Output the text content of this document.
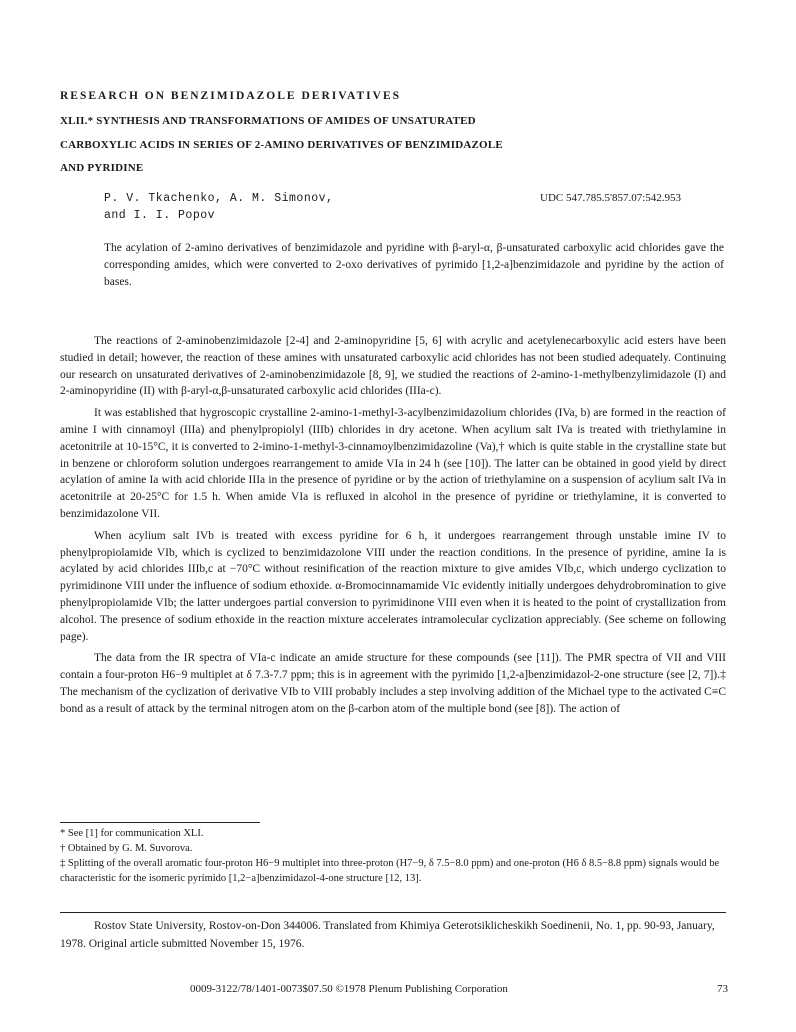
RESEARCH ON BENZIMIDAZOLE DERIVATIVES
XLII.* SYNTHESIS AND TRANSFORMATIONS OF AMIDES OF UNSATURATED
CARBOXYLIC ACIDS IN SERIES OF 2-AMINO DERIVATIVES OF BENZIMIDAZOLE
AND PYRIDINE
P. V. Tkachenko, A. M. Simonov,
and I. I. Popov
UDC 547.785.5'857.07:542.953
The acylation of 2-amino derivatives of benzimidazole and pyridine with β-aryl-α, β-unsaturated carboxylic acid chlorides gave the corresponding amides, which were converted to 2-oxo derivatives of pyrimido [1,2-a]benzimidazole and pyridine by the action of bases.

The reactions of 2-aminobenzimidazole [2-4] and 2-aminopyridine [5, 6] with acrylic and acetylenecarboxylic acid esters have been studied in detail; however, the reaction of these amines with unsaturated carboxylic acid chlorides has not been studied adequately. Continuing our research on unsaturated derivatives of 2-aminobenzimidazole [8, 9], we studied the reactions of 2-amino-1-methylbenzylimidazole (I) and 2-aminopyridine (II) with β-aryl-α,β-unsaturated carboxylic acid chlorides (IIIa-c).

It was established that hygroscopic crystalline 2-amino-1-methyl-3-acylbenzimidazolium chlorides (IVa, b) are formed in the reaction of amine I with cinnamoyl (IIIa) and phenylpropiolyl (IIIb) chlorides in dry acetone. When acylium salt IVa is treated with triethylamine in acetonitrile at 10-15°C, it is converted to 2-imino-1-methyl-3-cinnamoylbenzimidazoline (Va),† which is quite stable in the crystalline state but in benzene or chloroform solution undergoes rearrangement to amide VIa in 24 h (see [10]). The latter can be obtained in good yield by direct acylation of amine Ia with acid chloride IIIa in the presence of pyridine or by the action of triethylamine on a suspension of acylium salt IVa in acetonitrile at 20-25°C for 1.5 h. When amide VIa is refluxed in alcohol in the presence of pyridine or triethylamine, it is converted to benzimidazolone VII.

When acylium salt IVb is treated with excess pyridine for 6 h, it undergoes rearrangement through unstable imine IV to phenylpropiolamide VIb, which is cyclized to benzimidazolone VIII under the reaction conditions. In the presence of pyridine, amine Ia is acylated by acid chlorides IIIb,c at −70°C without resinification of the reaction mixture to give amides VIb,c, which undergo cyclization to pyrimidinone VIII under the influence of sodium ethoxide. α-Bromocinnamamide VIc evidently initially undergoes dehydrobromination to give phenylpropiolamide VIb; the latter undergoes partial conversion to pyrimidinone VIII even when it is heated to the point of crystallization from alcohol. The presence of sodium ethoxide in the reaction mixture accelerates intramolecular cyclization appreciably. (See scheme on following page).

The data from the IR spectra of VIa-c indicate an amide structure for these compounds (see [11]). The PMR spectra of VII and VIII contain a four-proton H6−9 multiplet at δ 7.3-7.7 ppm; this is in agreement with the pyrimido [1,2-a]benzimidazol-2-one structure (see [2, 7]).‡ The mechanism of the cyclization of derivative VIb to VIII probably includes a step involving addition of the Michael type to the activated C≡C bond as a result of attack by the terminal nitrogen atom on the β-carbon atom of the multiple bond (see [8]). The action of

* See [1] for communication XLI.
† Obtained by G. M. Suvorova.
‡ Splitting of the overall aromatic four-proton H6−9 multiplet into three-proton (H7−9, δ 7.5−8.0 ppm) and one-proton (H6 δ 8.5−8.8 ppm) signals would be characteristic for the isomeric pyrimido [1,2−a]benzimidazol-4-one structure [12, 13].
Rostov State University, Rostov-on-Don 344006. Translated from Khimiya Geterotsiklicheskikh Soedinenii, No. 1, pp. 90-93, January, 1978. Original article submitted November 15, 1976.
0009-3122/78/1401-0073$07.50 ©1978 Plenum Publishing Corporation	73
